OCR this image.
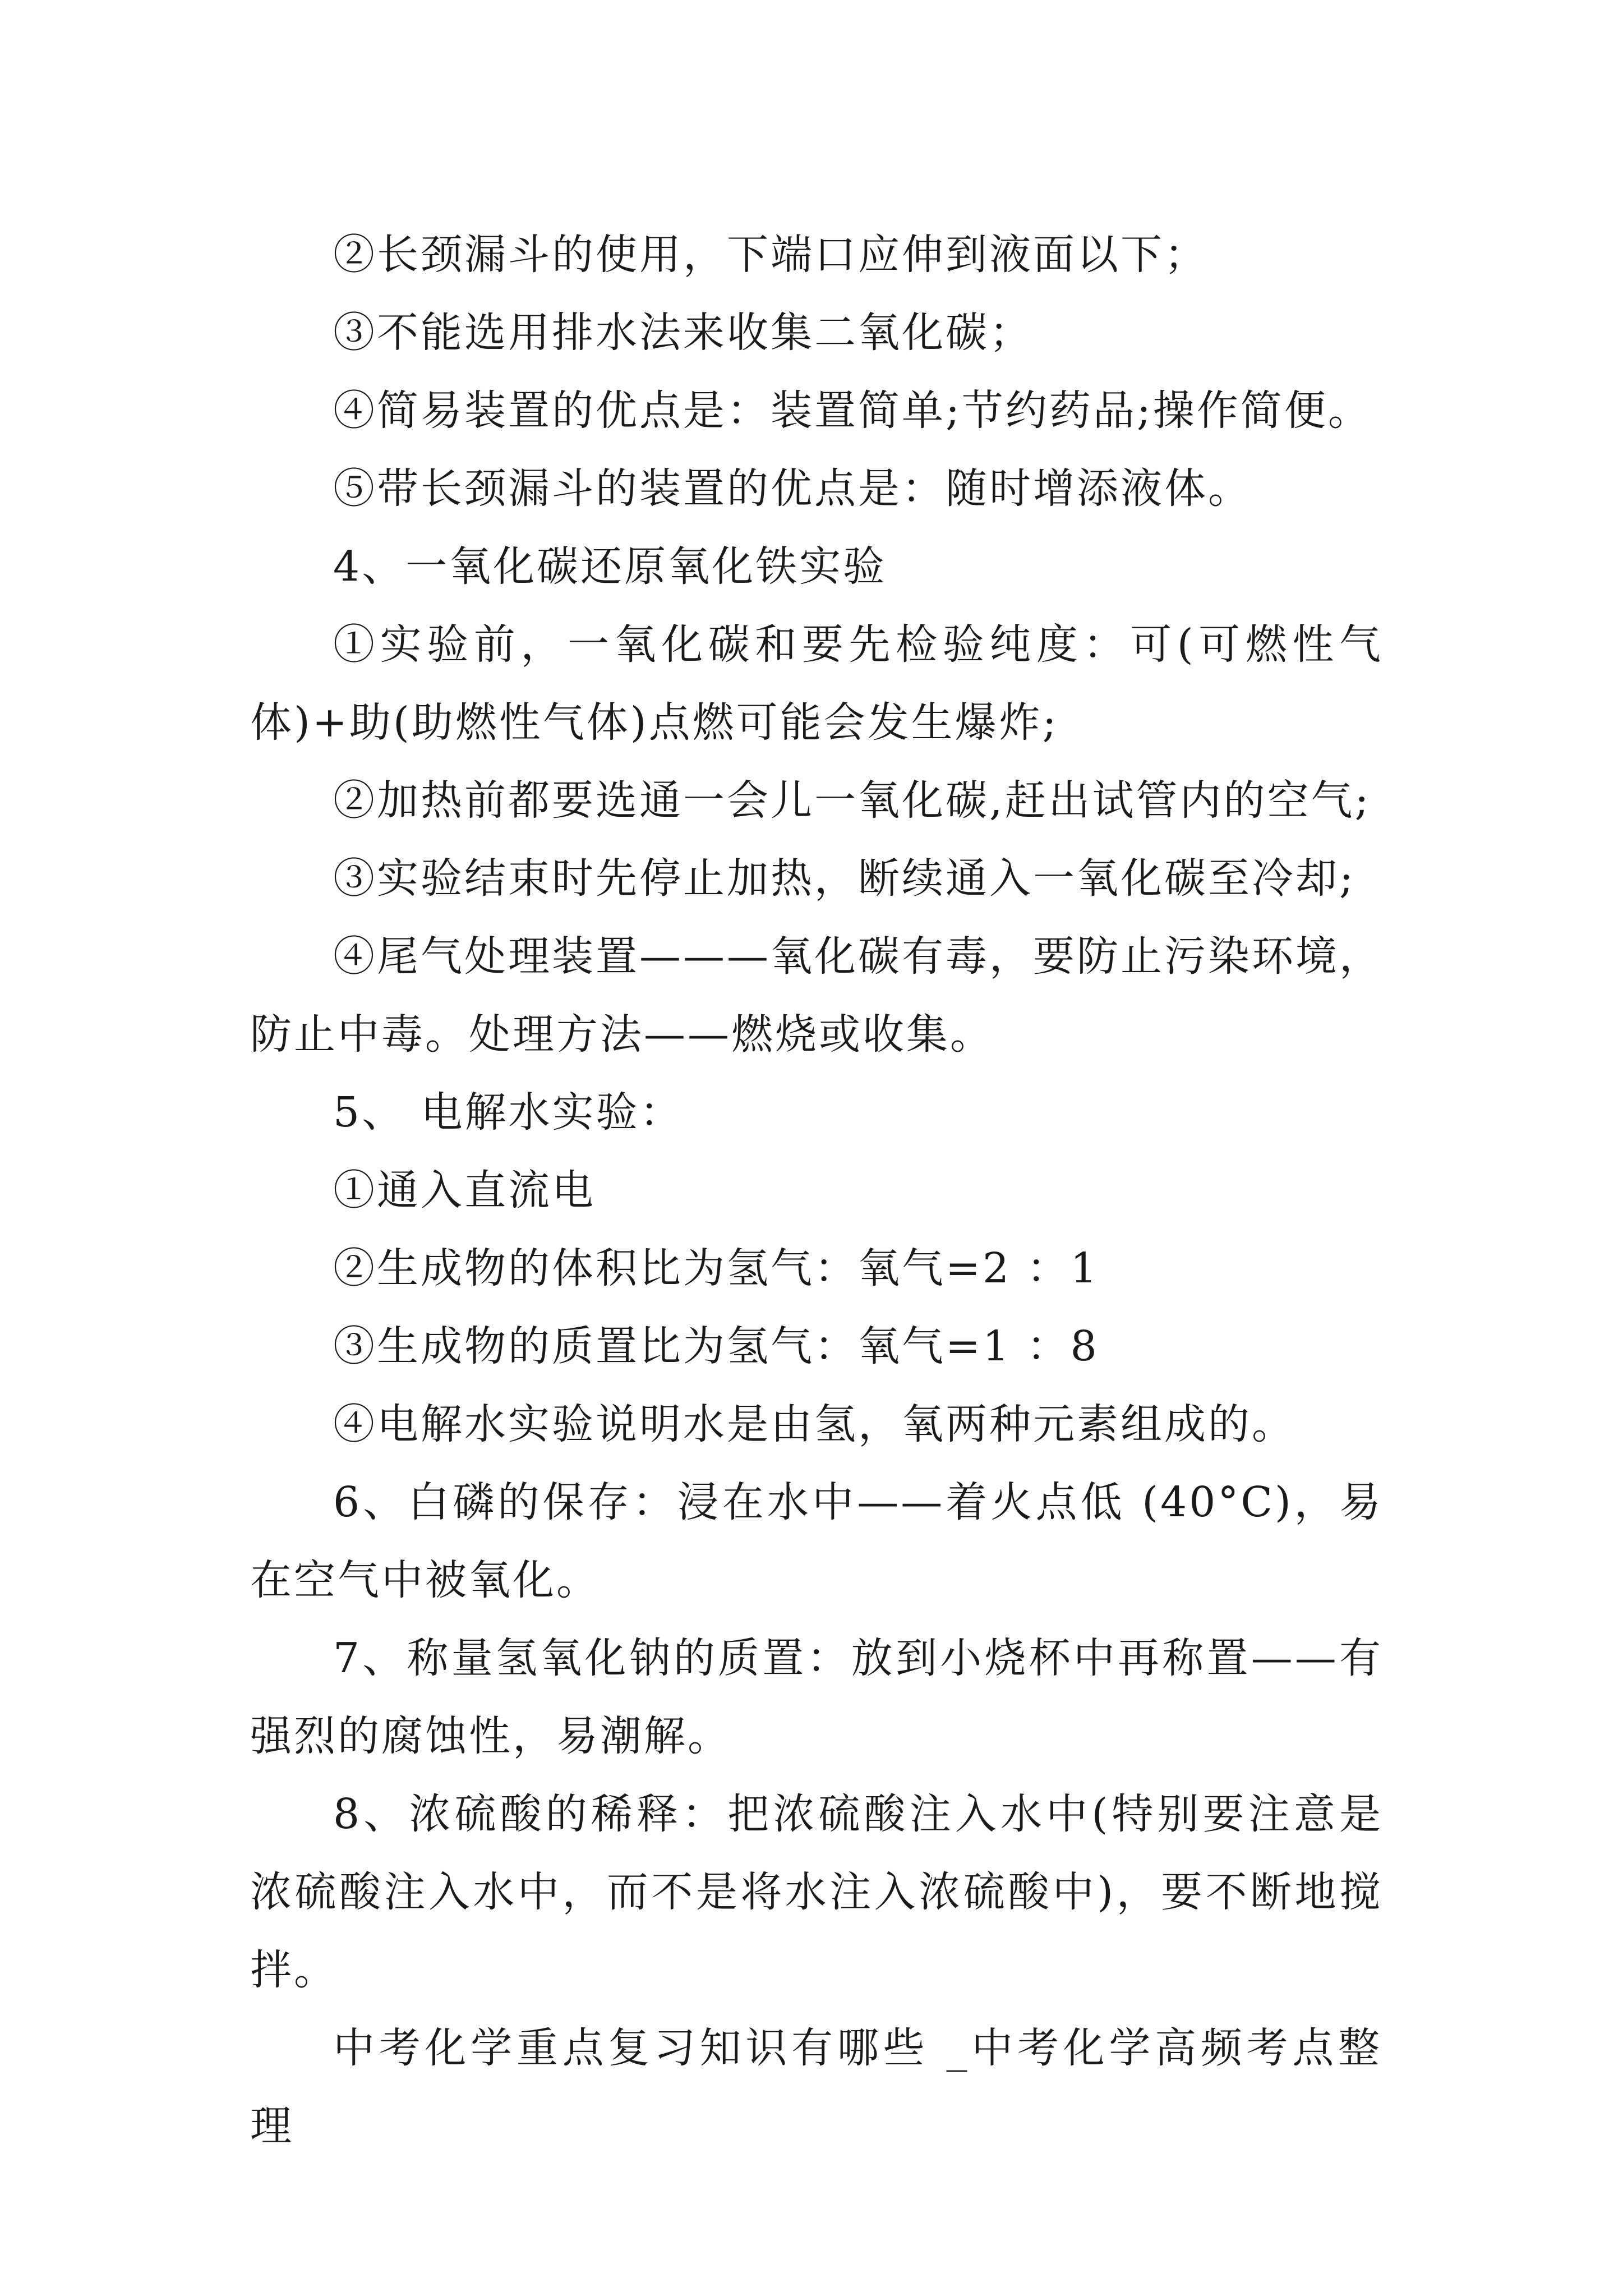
②长颈漏斗的使用，下端口应伸到液面以下；

③不能选用排水法来收集二氧化碳；

④简易装置的优点是：装置简单;节约药品;操作简便。

⑤带长颈漏斗的装置的优点是：随时增添液体。

4、一氧化碳还原氧化铁实验

①实验前，一氧化碳和要先检验纯度：可(可燃性气体)+助(助燃性气体)点燃可能会发生爆炸;

②加热前都要选通一会儿一氧化碳,赶出试管内的空气;

③实验结束时先停止加热，断续通入一氧化碳至冷却;

④尾气处理装置———氧化碳有毒，要防止污染环境，防止中毒。处理方法——燃烧或收集。

5、 电解水实验：

①通入直流电

②生成物的体积比为氢气：氧气=2 ：1

③生成物的质置比为氢气：氧气=1 ：8

④电解水实验说明水是由氢，氧两种元素组成的。

6、白磷的保存：浸在水中——着火点低 (40°C)，易在空气中被氧化。

7、称量氢氧化钠的质置：放到小烧杯中再称置——有强烈的腐蚀性，易潮解。

8、浓硫酸的稀释：把浓硫酸注入水中(特别要注意是浓硫酸注入水中，而不是将水注入浓硫酸中)，要不断地搅拌。

中考化学重点复习知识有哪些 _中考化学高频考点整理
